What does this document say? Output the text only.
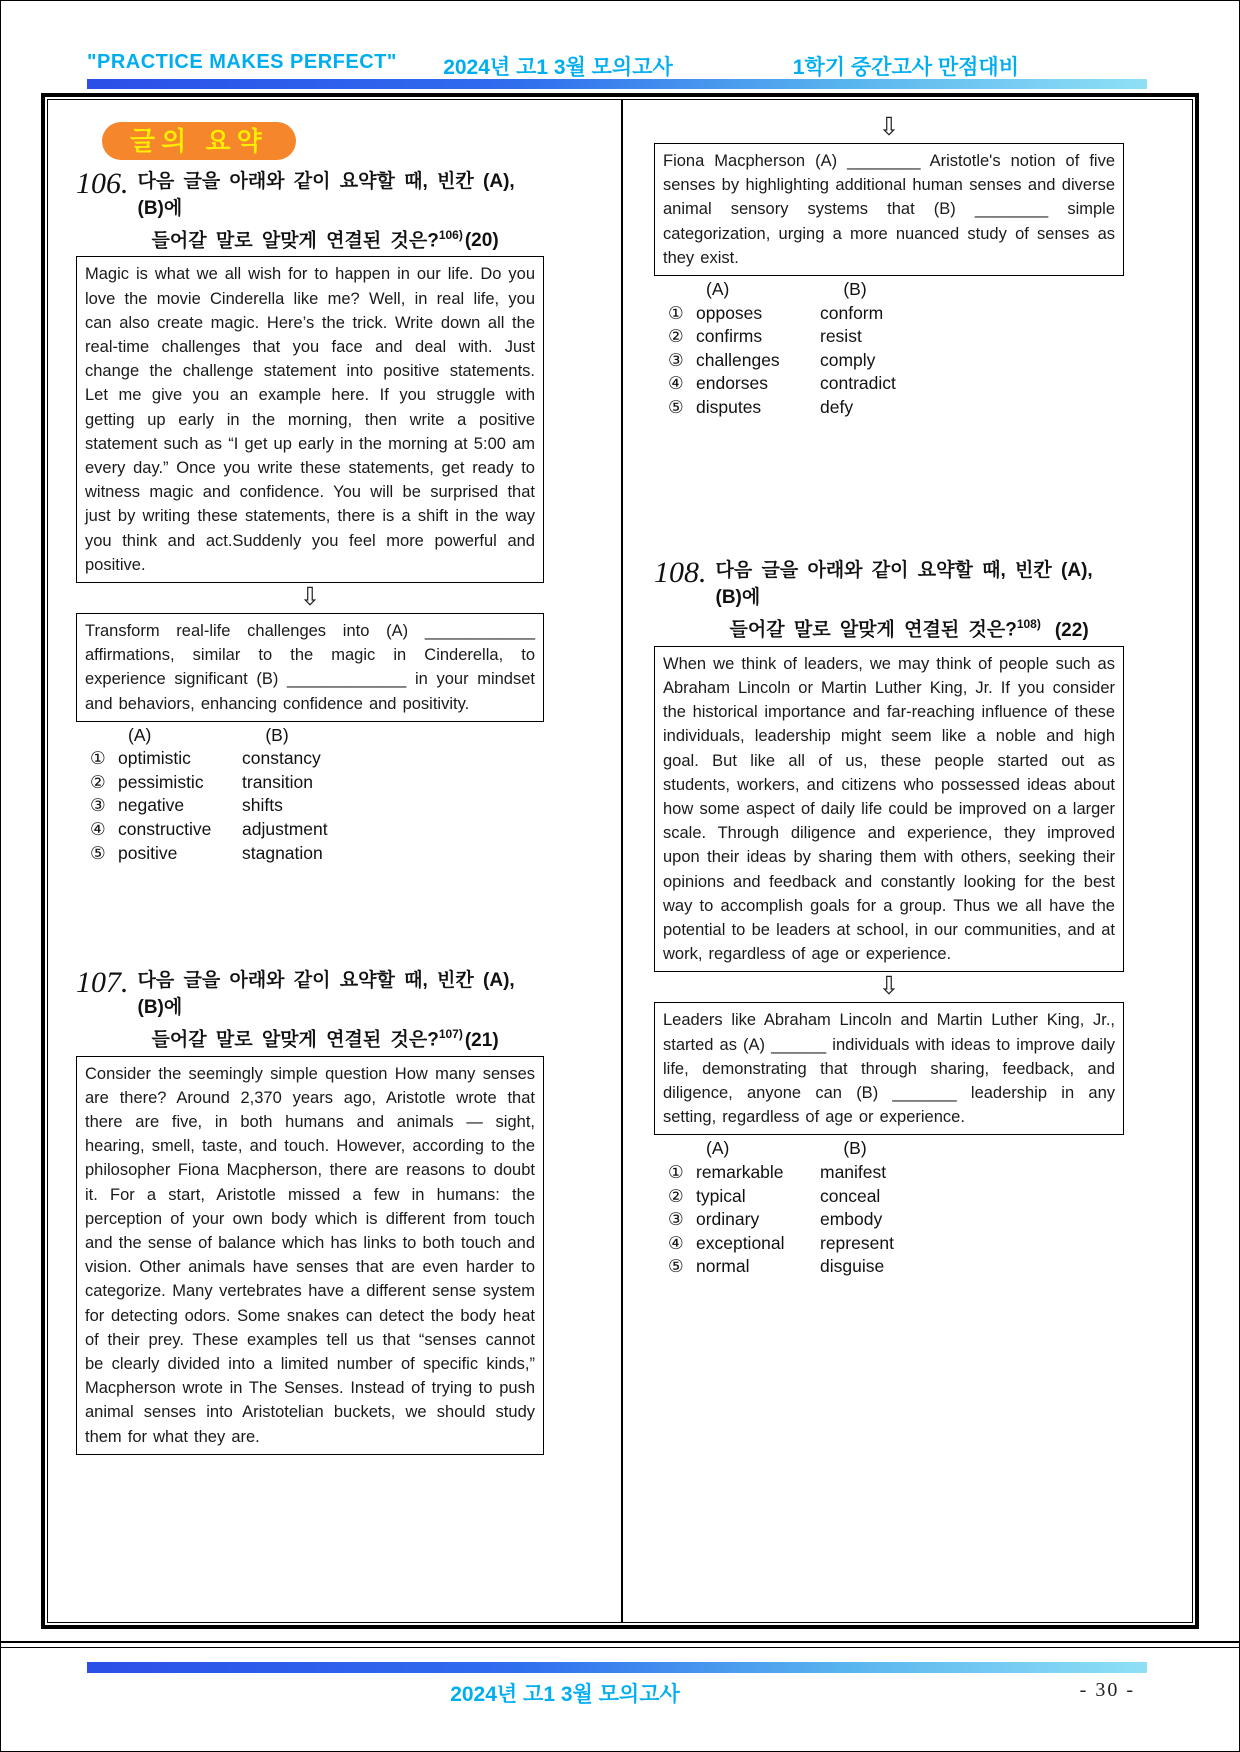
"PRACTICE MAKES PERFECT" 2024년 고1 3월 모의고사	1학기 중간고사 만점대비
글의 요약
106. 다음 글을 아래와 같이 요약할 때, 빈칸 (A), (B)에
들어갈 말로 알맞게 연결된 것은?$^{106)}$ (20)
Magic is what we all wish for to happen in our life. Do you love the movie Cinderella like me? Well, in real life, you can also create magic. Here’s the trick. Write down all the real-time challenges that you face and deal with. Just change the challenge statement into positive statements. Let me give you an example here. If you struggle with getting up early in the morning, then write a positive statement such as “I get up early in the morning at 5:00 am every day.” Once you write these statements, get ready to witness magic and confidence. You will be surprised that just by writing these statements, there is a shift in the way you think and act.Suddenly you feel more powerful and positive.
⇩
Transform real-life challenges into (A) ____________ affirmations, similar to the magic in Cinderella, to experience significant (B) _____________ in your mindset and behaviors, enhancing confidence and positivity.
(A)	(B)
① optimistic	constancy
② pessimistic	transition
③ negative	shifts
④ constructive	adjustment
⑤ positive	stagnation
107. 다음 글을 아래와 같이 요약할 때, 빈칸 (A), (B)에
들어갈 말로 알맞게 연결된 것은?$^{107)}$ (21)
Consider the seemingly simple question How many senses are there? Around 2,370 years ago, Aristotle wrote that there are five, in both humans and animals — sight, hearing, smell, taste, and touch. However, according to the philosopher Fiona Macpherson, there are reasons to doubt it. For a start, Aristotle missed a few in humans: the perception of your own body which is different from touch and the sense of balance which has links to both touch and vision. Other animals have senses that are even harder to categorize. Many vertebrates have a different sense system for detecting odors. Some snakes can detect the body heat of their prey. These examples tell us that “senses cannot be clearly divided into a limited number of specific kinds,” Macpherson wrote in The Senses. Instead of trying to push animal senses into Aristotelian buckets, we should study them for what they are.
⇩
Fiona Macpherson (A) ________ Aristotle's notion of five senses by highlighting additional human senses and diverse animal sensory systems that (B) ________ simple categorization, urging a more nuanced study of senses as they exist.
(A)	(B)
① opposes	conform
② confirms	resist
③ challenges	comply
④ endorses	contradict
⑤ disputes	defy
108. 다음 글을 아래와 같이 요약할 때, 빈칸 (A), (B)에
들어갈 말로 알맞게 연결된 것은?$^{108)}$ (22)
When we think of leaders, we may think of people such as Abraham Lincoln or Martin Luther King, Jr. If you consider the historical importance and far-reaching influence of these individuals, leadership might seem like a noble and high goal. But like all of us, these people started out as students, workers, and citizens who possessed ideas about how some aspect of daily life could be improved on a larger scale. Through diligence and experience, they improved upon their ideas by sharing them with others, seeking their opinions and feedback and constantly looking for the best way to accomplish goals for a group. Thus we all have the potential to be leaders at school, in our communities, and at work, regardless of age or experience.
⇩
Leaders like Abraham Lincoln and Martin Luther King, Jr., started as (A) ______ individuals with ideas to improve daily life, demonstrating that through sharing, feedback, and diligence, anyone can (B) _______ leadership in any setting, regardless of age or experience.
(A)	(B)
① remarkable	manifest
② typical	conceal
③ ordinary	embody
④ exceptional	represent
⑤ normal	disguise
2024년 고1 3월 모의고사	- 30 -
